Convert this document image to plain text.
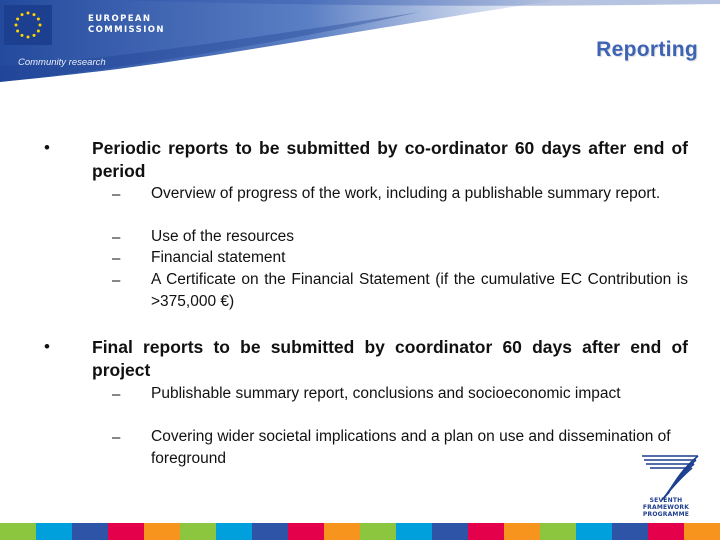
EUROPEAN
COMMISSION
Community research
Reporting
• Periodic reports to be submitted by co-ordinator 60 days after end of period
– Overview of progress of the work, including a publishable summary report.
– Use of the resources
– Financial statement
– A Certificate on the Financial Statement (if the cumulative EC Contribution is >375,000 €)
• Final reports to be submitted by coordinator 60 days after end of project
– Publishable summary report, conclusions and socioeconomic impact
– Covering wider societal implications and a plan on use and dissemination of foreground
SEVENTH FRAMEWORK
PROGRAMME
